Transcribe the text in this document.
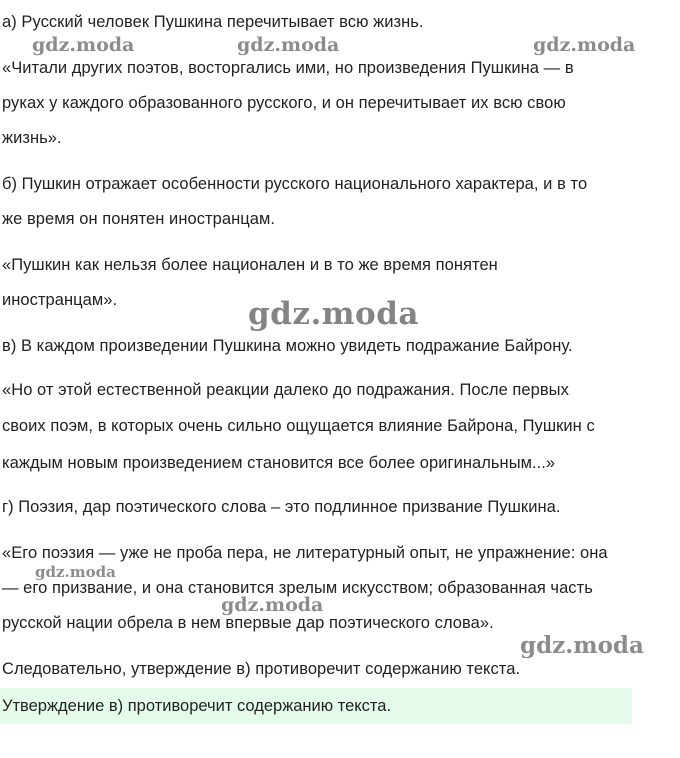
а) Русский человек Пушкина перечитывает всю жизнь.
«Читали других поэтов, восторгались ими, но произведения Пушкина — в
руках у каждого образованного русского, и он перечитывает их всю свою
жизнь».
б) Пушкин отражает особенности русского национального характера, и в то
же время он понятен иностранцам.
«Пушкин как нельзя более национален и в то же время понятен
иностранцам».
в) В каждом произведении Пушкина можно увидеть подражание Байрону.
«Но от этой естественной реакции далеко до подражания. После первых
своих поэм, в которых очень сильно ощущается влияние Байрона, Пушкин с
каждым новым произведением становится все более оригинальным...»
г) Поэзия, дар поэтического слова – это подлинное призвание Пушкина.
«Его поэзия — уже не проба пера, не литературный опыт, не упражнение: она
— его призвание, и она становится зрелым искусством; образованная часть
русской нации обрела в нем впервые дар поэтического слова».
Следовательно, утверждение в) противоречит содержанию текста.
Утверждение в) противоречит содержанию текста.
gdz.moda	gdz.moda	gdz.moda
gdz.moda
gdz.moda
gdz.moda
gdz.moda
